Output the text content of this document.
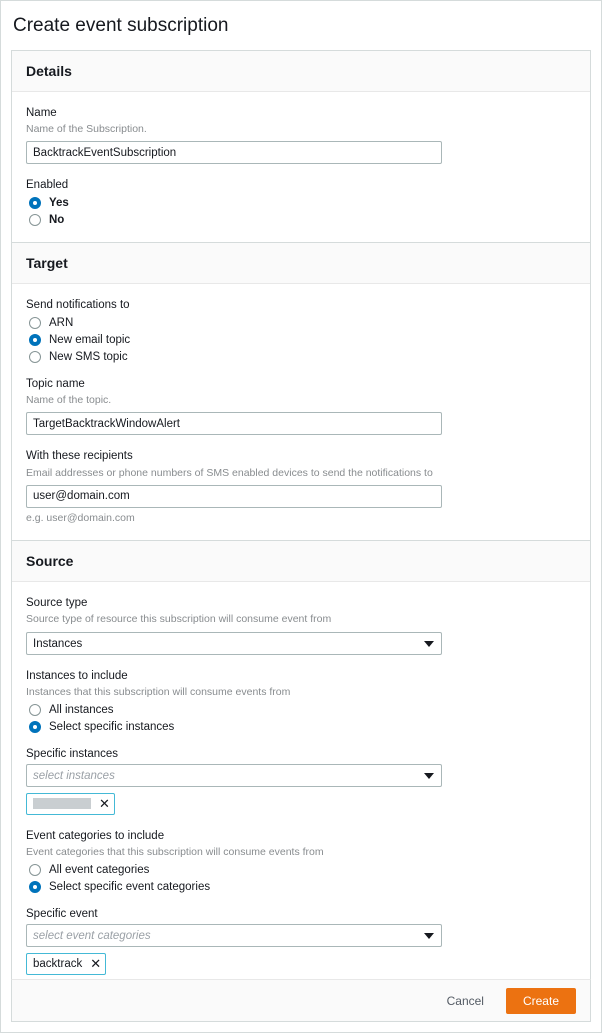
Create event subscription
Details
Name
Name of the Subscription.
BacktrackEventSubscription
Enabled
Yes
No
Target
Send notifications to
ARN
New email topic
New SMS topic
Topic name
Name of the topic.
TargetBacktrackWindowAlert
With these recipients
Email addresses or phone numbers of SMS enabled devices to send the notifications to
user@domain.com
e.g. user@domain.com
Source
Source type
Source type of resource this subscription will consume event from
Instances
Instances to include
Instances that this subscription will consume events from
All instances
Select specific instances
Specific instances
select instances
✕
Event categories to include
Event categories that this subscription will consume events from
All event categories
Select specific event categories
Specific event
select event categories
backtrack ✕
Cancel	Create
